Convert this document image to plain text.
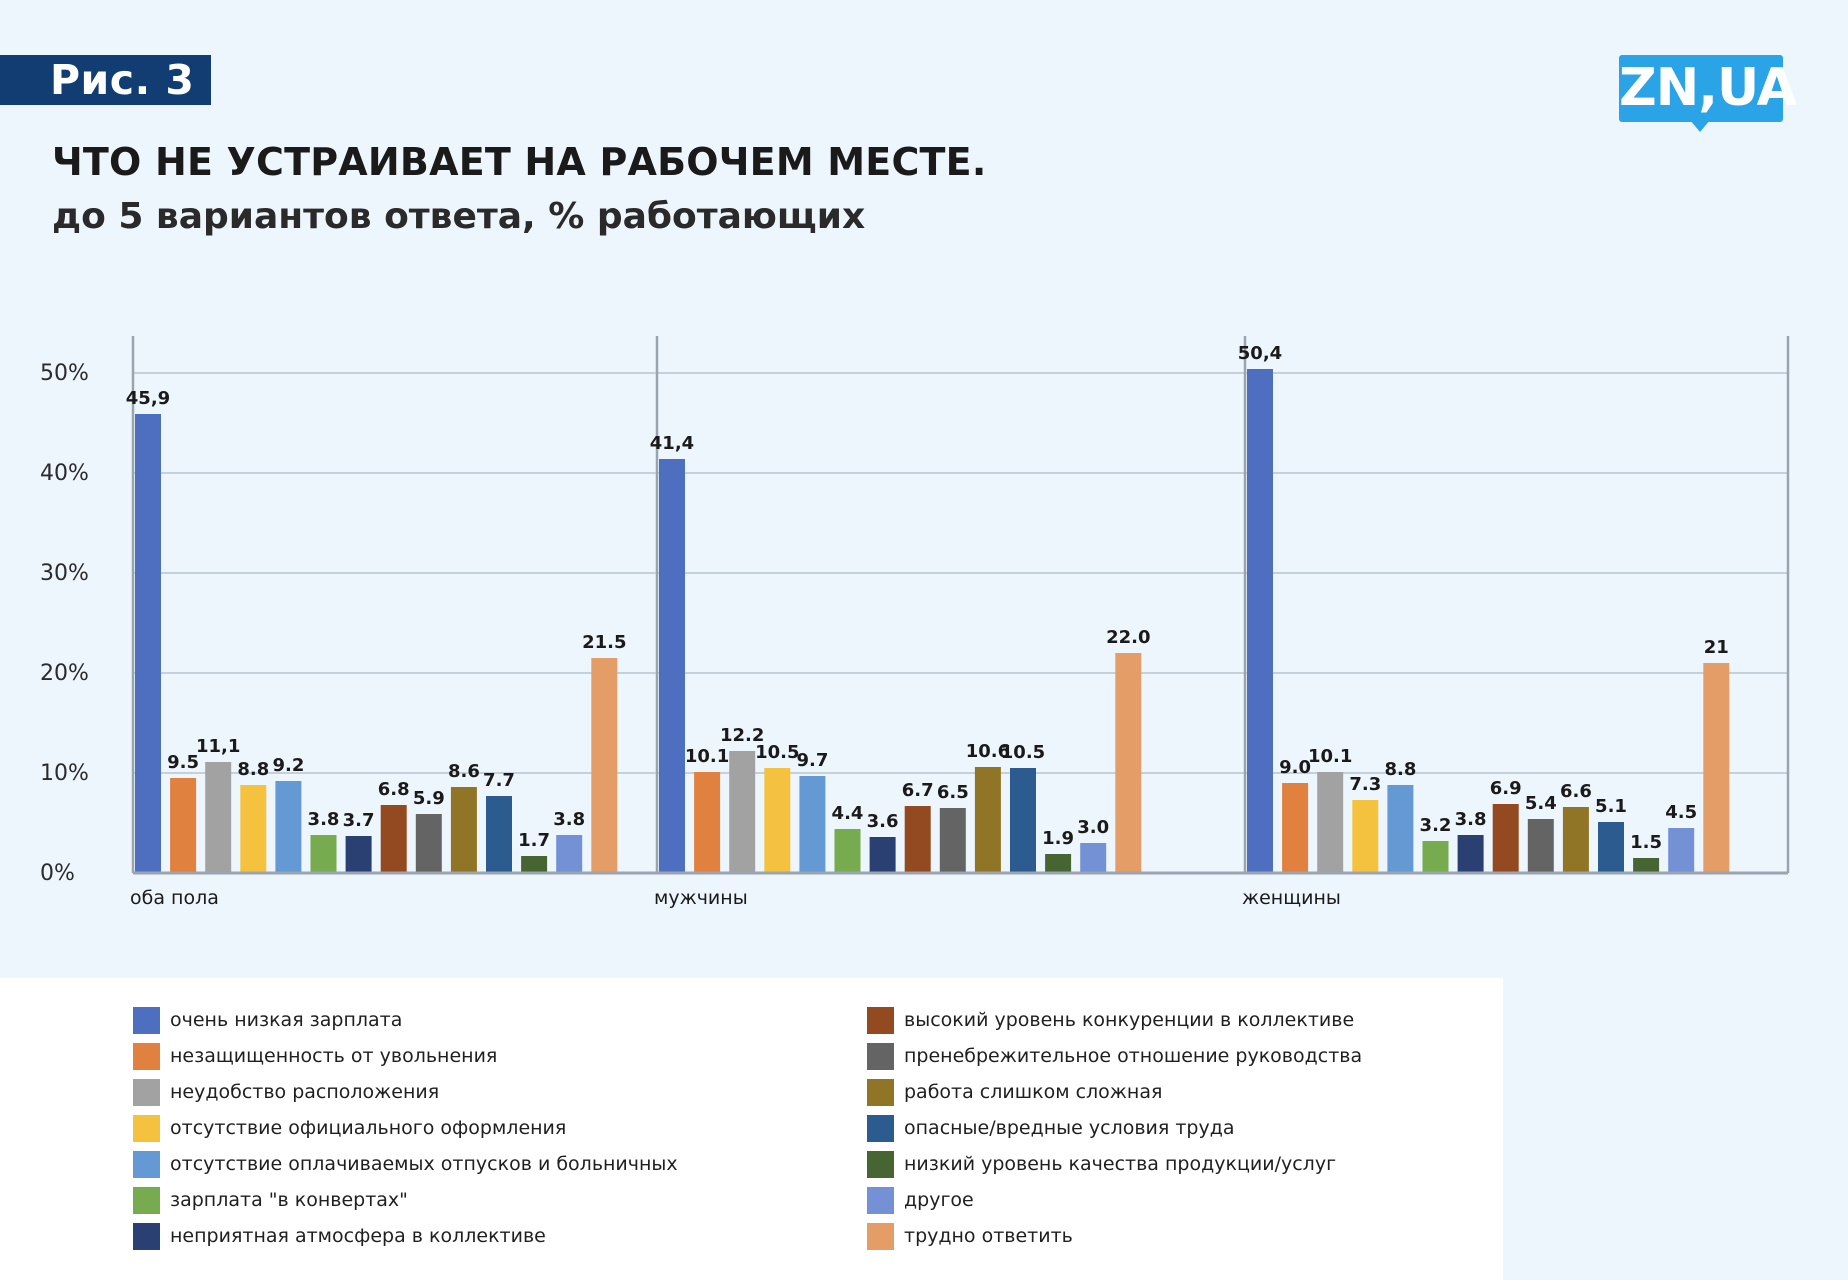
Рис. 3	ZN,UA
ЧТО НЕ УСТРАИВАЕТ НА РАБОЧЕМ МЕСТЕ.
до 5 вариантов ответа, % работающих
0%
10%
20%
30%
40%
50%
45,9
9.5
11,1
8.8 9.2
3.8 3.7
6.8 5.9
8.6 7.7
1.7
3.8
21.5
оба пола
41,4
10.1
12.2
10.5
9.7
4.4 3.6
6.7 6.5
10.6
10.5
1.9
3.0
22.0
мужчины
50,4
9.0
10.1
7.3
8.8
3.2 3.8
6.9
5.4
6.6
5.1
1.5
4.5
21
женщины
очень низкая зарплата
незащищенность от увольнения
неудобство расположения
отсутствие официального оформления
отсутствие оплачиваемых отпусков и больничных
зарплата "в конвертах"
неприятная атмосфера в коллективе
высокий уровень конкуренции в коллективе
пренебрежительное отношение руководства
работа слишком сложная
опасные/вредные условия труда
низкий уровень качества продукции/услуг
другое
трудно ответить
